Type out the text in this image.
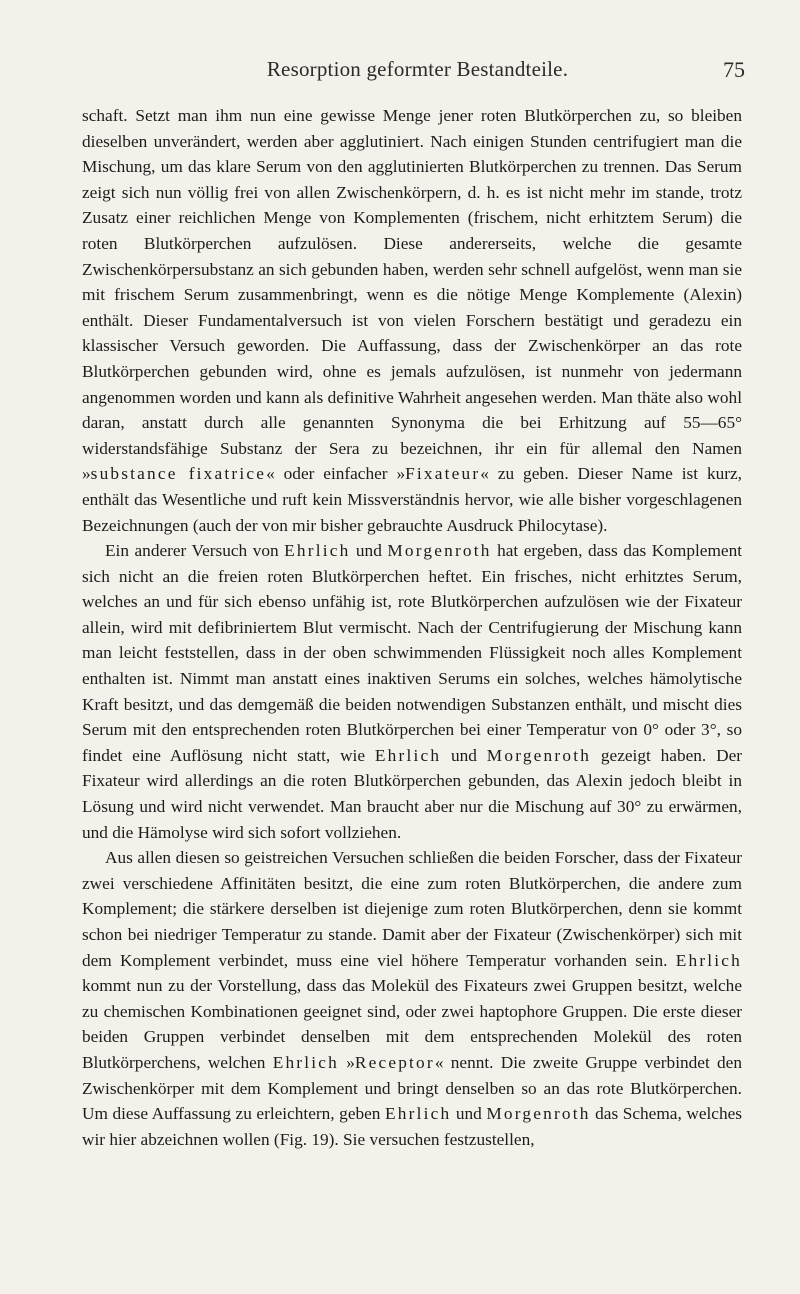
Resorption geformter Bestandteile.	75

schaft. Setzt man ihm nun eine gewisse Menge jener roten Blutkörperchen zu, so bleiben dieselben unverändert, werden aber agglutiniert. Nach einigen Stunden centrifugiert man die Mischung, um das klare Serum von den agglutinierten Blutkörperchen zu trennen. Das Serum zeigt sich nun völlig frei von allen Zwischenkörpern, d. h. es ist nicht mehr im stande, trotz Zusatz einer reichlichen Menge von Komplementen (frischem, nicht erhitztem Serum) die roten Blutkörperchen aufzulösen. Diese andererseits, welche die gesamte Zwischenkörpersubstanz an sich gebunden haben, werden sehr schnell aufgelöst, wenn man sie mit frischem Serum zusammenbringt, wenn es die nötige Menge Komplemente (Alexin) enthält. Dieser Fundamentalversuch ist von vielen Forschern bestätigt und geradezu ein klassischer Versuch geworden. Die Auffassung, dass der Zwischenkörper an das rote Blutkörperchen gebunden wird, ohne es jemals aufzulösen, ist nunmehr von jedermann angenommen worden und kann als definitive Wahrheit angesehen werden. Man thäte also wohl daran, anstatt durch alle genannten Synonyma die bei Erhitzung auf 55—65° widerstandsfähige Substanz der Sera zu bezeichnen, ihr ein für allemal den Namen »substance fixatrice« oder einfacher »Fixateur« zu geben. Dieser Name ist kurz, enthält das Wesentliche und ruft kein Missverständnis hervor, wie alle bisher vorgeschlagenen Bezeichnungen (auch der von mir bisher gebrauchte Ausdruck Philocytase).

Ein anderer Versuch von Ehrlich und Morgenroth hat ergeben, dass das Komplement sich nicht an die freien roten Blutkörperchen heftet. Ein frisches, nicht erhitztes Serum, welches an und für sich ebenso unfähig ist, rote Blutkörperchen aufzulösen wie der Fixateur allein, wird mit defibriniertem Blut vermischt. Nach der Centrifugierung der Mischung kann man leicht feststellen, dass in der oben schwimmenden Flüssigkeit noch alles Komplement enthalten ist. Nimmt man anstatt eines inaktiven Serums ein solches, welches hämolytische Kraft besitzt, und das demgemäß die beiden notwendigen Substanzen enthält, und mischt dies Serum mit den entsprechenden roten Blutkörperchen bei einer Temperatur von 0° oder 3°, so findet eine Auflösung nicht statt, wie Ehrlich und Morgenroth gezeigt haben. Der Fixateur wird allerdings an die roten Blutkörperchen gebunden, das Alexin jedoch bleibt in Lösung und wird nicht verwendet. Man braucht aber nur die Mischung auf 30° zu erwärmen, und die Hämolyse wird sich sofort vollziehen.

Aus allen diesen so geistreichen Versuchen schließen die beiden Forscher, dass der Fixateur zwei verschiedene Affinitäten besitzt, die eine zum roten Blutkörperchen, die andere zum Komplement; die stärkere derselben ist diejenige zum roten Blutkörperchen, denn sie kommt schon bei niedriger Temperatur zu stande. Damit aber der Fixateur (Zwischenkörper) sich mit dem Komplement verbindet, muss eine viel höhere Temperatur vorhanden sein. Ehrlich kommt nun zu der Vorstellung, dass das Molekül des Fixateurs zwei Gruppen besitzt, welche zu chemischen Kombinationen geeignet sind, oder zwei haptophore Gruppen. Die erste dieser beiden Gruppen verbindet denselben mit dem entsprechenden Molekül des roten Blutkörperchens, welchen Ehrlich »Receptor« nennt. Die zweite Gruppe verbindet den Zwischenkörper mit dem Komplement und bringt denselben so an das rote Blutkörperchen. Um diese Auffassung zu erleichtern, geben Ehrlich und Morgenroth das Schema, welches wir hier abzeichnen wollen (Fig. 19). Sie versuchen festzustellen,
